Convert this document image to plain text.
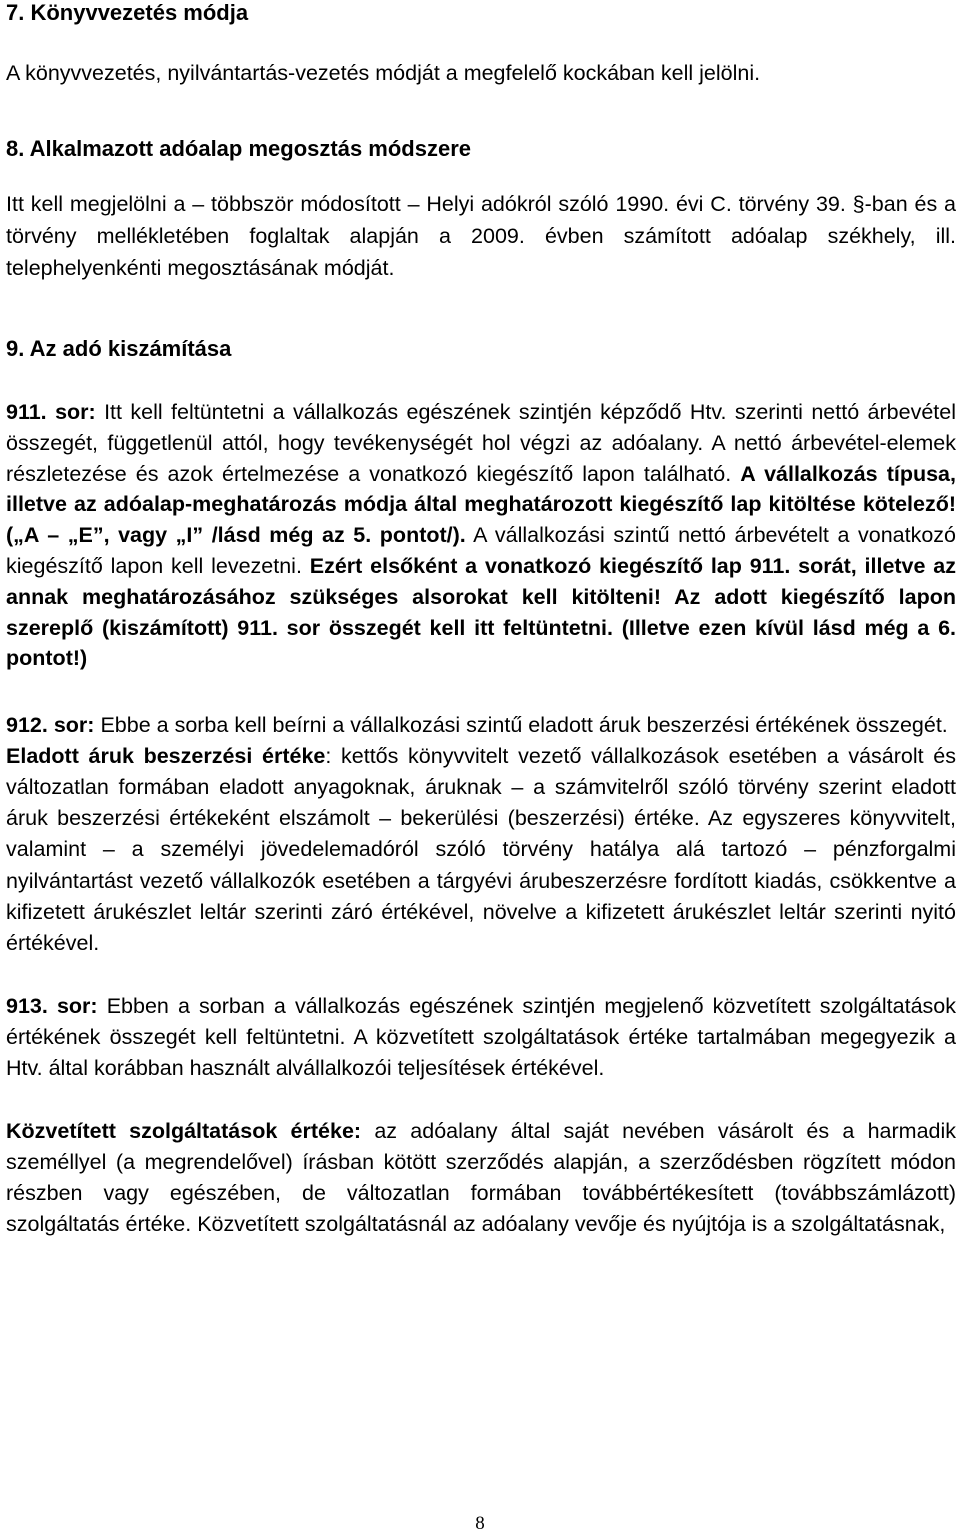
7. Könyvvezetés módja

A könyvvezetés, nyilvántartás-vezetés módját a megfelelő kockában kell jelölni.

8. Alkalmazott adóalap megosztás módszere

Itt kell megjelölni a – többször módosított – Helyi adókról szóló 1990. évi C. törvény 39. §-ban és a törvény mellékletében foglaltak alapján a 2009. évben számított adóalap székhely, ill. telephelyenkénti megosztásának módját.

9. Az adó kiszámítása

911. sor: Itt kell feltüntetni a vállalkozás egészének szintjén képződő Htv. szerinti nettó árbevétel összegét, függetlenül attól, hogy tevékenységét hol végzi az adóalany. A nettó árbevétel-elemek részletezése és azok értelmezése a vonatkozó kiegészítő lapon található. A vállalkozás típusa, illetve az adóalap-meghatározás módja által meghatározott kiegészítő lap kitöltése kötelező! („A – „E”, vagy „I” /lásd még az 5. pontot/). A vállalkozási szintű nettó árbevételt a vonatkozó kiegészítő lapon kell levezetni. Ezért elsőként a vonatkozó kiegészítő lap 911. sorát, illetve az annak meghatározásához szükséges alsorokat kell kitölteni! Az adott kiegészítő lapon szereplő (kiszámított) 911. sor összegét kell itt feltüntetni. (Illetve ezen kívül lásd még a 6. pontot!)

912. sor: Ebbe a sorba kell beírni a vállalkozási szintű eladott áruk beszerzési értékének összegét.

Eladott áruk beszerzési értéke: kettős könyvvitelt vezető vállalkozások esetében a vásárolt és változatlan formában eladott anyagoknak, áruknak – a számvitelről szóló törvény szerint eladott áruk beszerzési értékeként elszámolt – bekerülési (beszerzési) értéke. Az egyszeres könyvvitelt, valamint – a személyi jövedelemadóról szóló törvény hatálya alá tartozó – pénzforgalmi nyilvántartást vezető vállalkozók esetében a tárgyévi árubeszerzésre fordított kiadás, csökkentve a kifizetett árukészlet leltár szerinti záró értékével, növelve a kifizetett árukészlet leltár szerinti nyitó értékével.

913. sor: Ebben a sorban a vállalkozás egészének szintjén megjelenő közvetített szolgáltatások értékének összegét kell feltüntetni. A közvetített szolgáltatások értéke tartalmában megegyezik a Htv. által korábban használt alvállalkozói teljesítések értékével.

Közvetített szolgáltatások értéke: az adóalany által saját nevében vásárolt és a harmadik személlyel (a megrendelővel) írásban kötött szerződés alapján, a szerződésben rögzített módon részben vagy egészében, de változatlan formában továbbértékesített (továbbszámlázott) szolgáltatás értéke. Közvetített szolgáltatásnál az adóalany vevője és nyújtója is a szolgáltatásnak,

8
